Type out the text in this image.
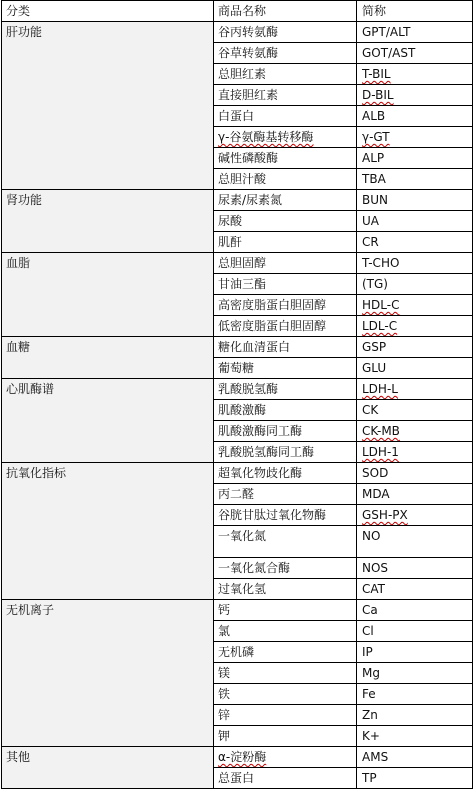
分类	商品名称	简称
肝功能	谷丙转氨酶	GPT/ALT
	谷草转氨酶	GOT/AST
	总胆红素	T-BIL
	直接胆红素	D-BIL
	白蛋白	ALB
	γ-谷氨酶基转移酶	γ-GT
	碱性磷酸酶	ALP
	总胆汁酸	TBA
肾功能	尿素/尿素氮	BUN
	尿酸	UA
	肌酐	CR
血脂	总胆固醇	T-CHO
	甘油三酯	(TG)
	高密度脂蛋白胆固醇	HDL-C
	低密度脂蛋白胆固醇	LDL-C
血糖	糖化血清蛋白	GSP
	葡萄糖	GLU
心肌酶谱	乳酸脱氢酶	LDH-L
	肌酸激酶	CK
	肌酸激酶同工酶	CK-MB
	乳酸脱氢酶同工酶	LDH-1
抗氧化指标	超氧化物歧化酶	SOD
	丙二醛	MDA
	谷胱甘肽过氧化物酶	GSH-PX
	一氧化氮	NO
	一氧化氮合酶	NOS
	过氧化氢	CAT
无机离子	钙	Ca
	氯	Cl
	无机磷	IP
	镁	Mg
	铁	Fe
	锌	Zn
	钾	K+
其他	α-淀粉酶	AMS
	总蛋白	TP
